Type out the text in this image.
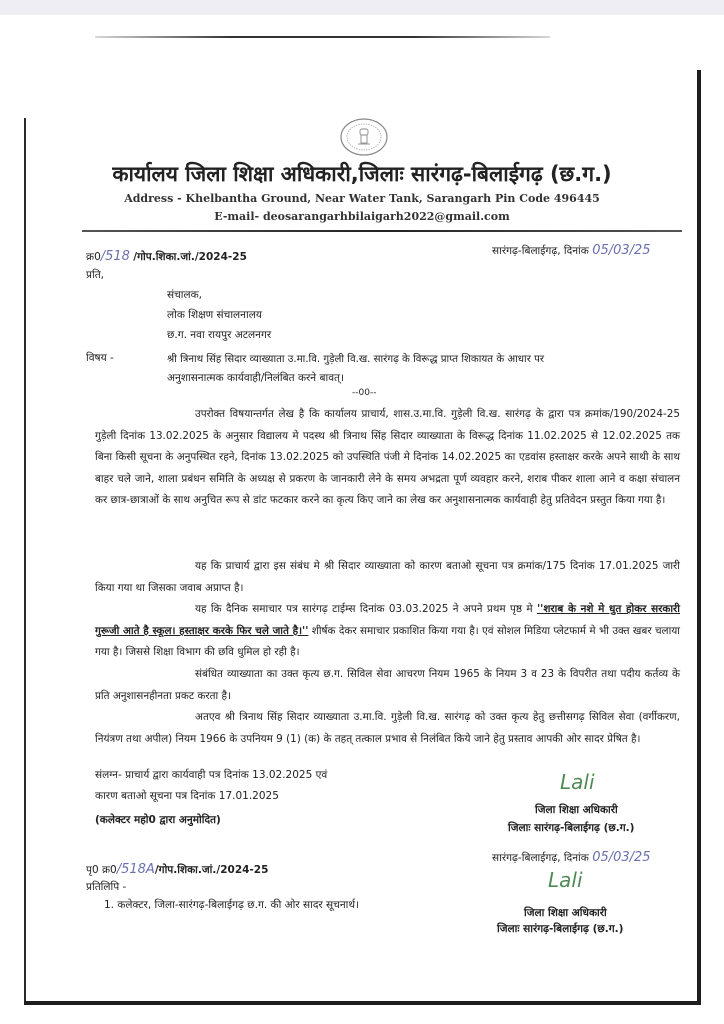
कार्यालय जिला शिक्षा अधिकारी,जिलाः सारंगढ़-बिलाईगढ़ (छ.ग.)
Address - Khelbantha Ground, Near Water Tank, Sarangarh Pin Code 496445
E-mail- deosarangarhbilaigarh2022@gmail.com
क्र0/518 /गोप.शिका.जां./2024-25	सारंगढ़-बिलाईगढ़, दिनांक 05/03/25
प्रति,
संचालक,
लोक शिक्षण संचालनालय
छ.ग. नवा रायपुर अटलनगर
विषय -	श्री त्रिनाथ सिंह सिदार व्याख्याता उ.मा.वि. गुड़ेली वि.ख. सारंगढ़ के विरूद्ध प्राप्त शिकायत के आधार पर
अनुशासनात्मक कार्यवाही/निलंबित करने बावत्।
--00--
उपरोक्त विषयान्तर्गत लेख है कि कार्यालय प्राचार्य, शास.उ.मा.वि. गुड़ेली वि.ख. सारंगढ़ के द्वारा पत्र क्रमांक/190/2024-25 गुड़ेली दिनांक 13.02.2025 के अनुसार विद्यालय मे पदस्थ श्री त्रिनाथ सिंह सिदार व्याख्याता के विरूद्ध दिनांक 11.02.2025 से 12.02.2025 तक बिना किसी सूचना के अनुपस्थित रहने, दिनांक 13.02.2025 को उपस्थिति पंजी मे दिनांक 14.02.2025 का एडवांस हस्ताक्षर करके अपने साथी के साथ बाहर चले जाने, शाला प्रबंधन समिति के अध्यक्ष से प्रकरण के जानकारी लेने के समय अभद्रता पूर्ण व्यवहार करने, शराब पीकर शाला आने व कक्षा संचालन कर छात्र-छात्राओं के साथ अनुचित रूप से डांट फटकार करने का कृत्य किए जाने का लेख कर अनुशासनात्मक कार्यवाही हेतु प्रतिवेदन प्रस्तुत किया गया है।
यह कि प्राचार्य द्वारा इस संबंध मे श्री सिदार व्याख्याता को कारण बताओ सूचना पत्र क्रमांक/175 दिनांक 17.01.2025 जारी किया गया था जिसका जवाब अप्राप्त है।
यह कि दैनिक समाचार पत्र सारंगढ़ टाईम्स दिनांक 03.03.2025 ने अपने प्रथम पृष्ठ मे ''शराब के नशे मे धुत होकर सरकारी गुरूजी आते है स्कूल। हस्ताक्षर करके फिर चले जाते है।'' शीर्षक देकर समाचार प्रकाशित किया गया है। एवं सोशल मिडिया प्लेटफार्म मे भी उक्त खबर चलाया गया है। जिससे शिक्षा विभाग की छवि धुमिल हो रही है।
संबंधित व्याख्याता का उक्त कृत्य छ.ग. सिविल सेवा आचरण नियम 1965 के नियम 3 व 23 के विपरीत तथा पदीय कर्तव्य के प्रति अनुशासनहीनता प्रकट करता है।
अतएव श्री त्रिनाथ सिंह सिदार व्याख्याता उ.मा.वि. गुड़ेली वि.ख. सारंगढ़ को उक्त कृत्य हेतु छत्तीसगढ़ सिविल सेवा (वर्गीकरण, नियंत्रण तथा अपील) नियम 1966 के उपनियम 9 (1) (क) के तहत् तत्काल प्रभाव से निलंबित किये जाने हेतु प्रस्ताव आपकी ओर सादर प्रेषित है।
संलग्न- प्राचार्य द्वारा कार्यवाही पत्र दिनांक 13.02.2025 एवं
कारण बताओ सूचना पत्र दिनांक 17.01.2025
(कलेक्टर महो0 द्वारा अनुमोदित)
Lali
जिला शिक्षा अधिकारी
जिलाः सारंगढ़-बिलाईगढ़ (छ.ग.)
सारंगढ़-बिलाईगढ़, दिनांक 05/03/25
पृ0 क्र0/518A/गोप.शिका.जां./2024-25
प्रतिलिपि -
1. कलेक्टर, जिला-सारंगढ़-बिलाईगढ़ छ.ग. की ओर सादर सूचनार्थ।
Lali
जिला शिक्षा अधिकारी
जिलाः सारंगढ़-बिलाईगढ़ (छ.ग.)
